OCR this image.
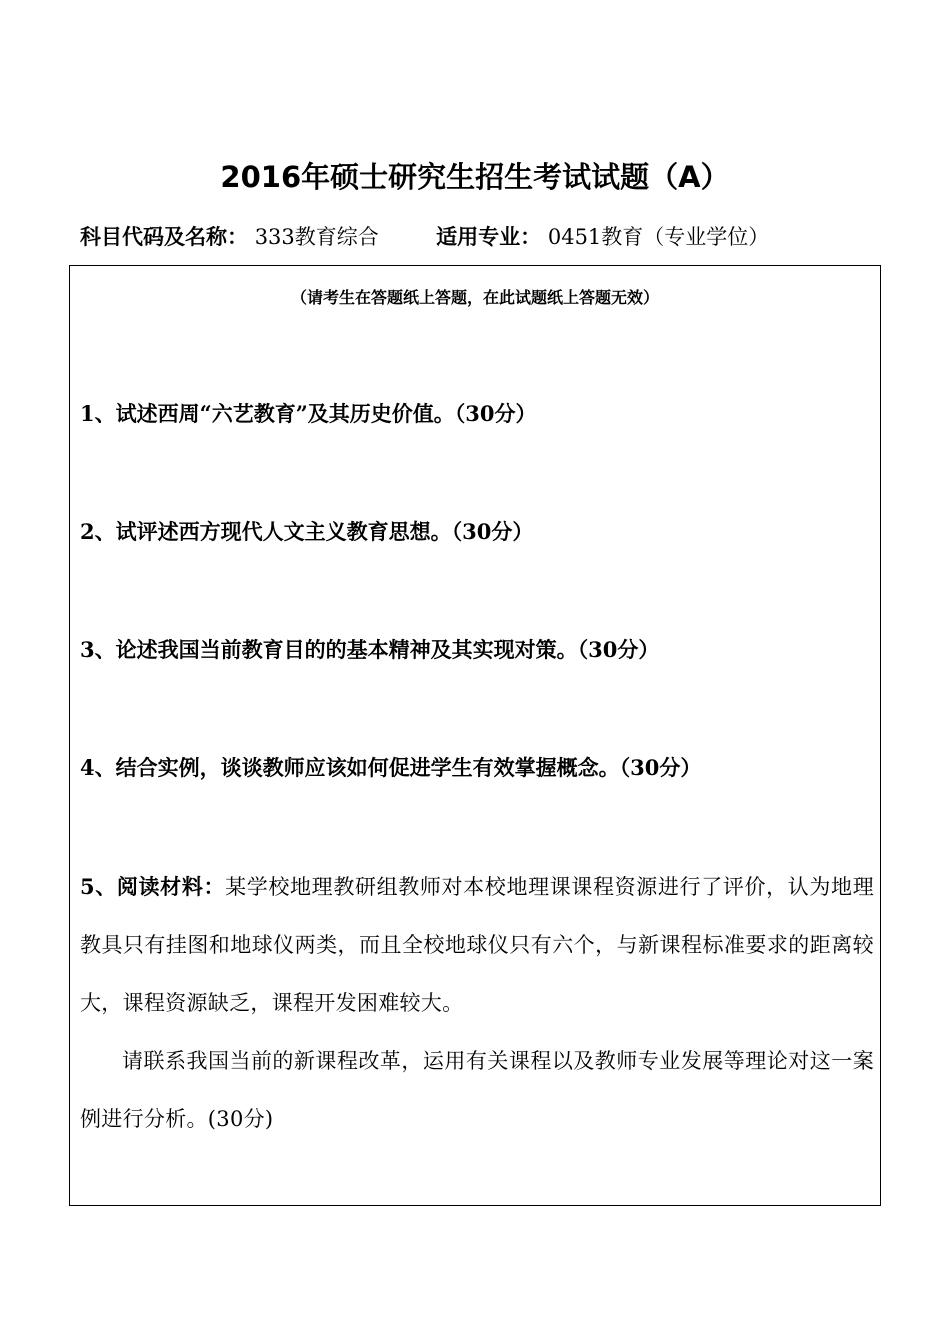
2016年硕士研究生招生考试试题（A）
科目代码及名称： 333教育综合	适用专业： 0451教育（专业学位）
（请考生在答题纸上答题，在此试题纸上答题无效）
1、试述西周“六艺教育”及其历史价值。（30分）
2、试评述西方现代人文主义教育思想。（30分）
3、论述我国当前教育目的的基本精神及其实现对策。（30分）
4、结合实例，谈谈教师应该如何促进学生有效掌握概念。（30分）
5、阅读材料：某学校地理教研组教师对本校地理课课程资源进行了评价，认为地理教具只有挂图和地球仪两类，而且全校地球仪只有六个，与新课程标准要求的距离较大，课程资源缺乏，课程开发困难较大。
请联系我国当前的新课程改革，运用有关课程以及教师专业发展等理论对这一案例进行分析。(30分)
